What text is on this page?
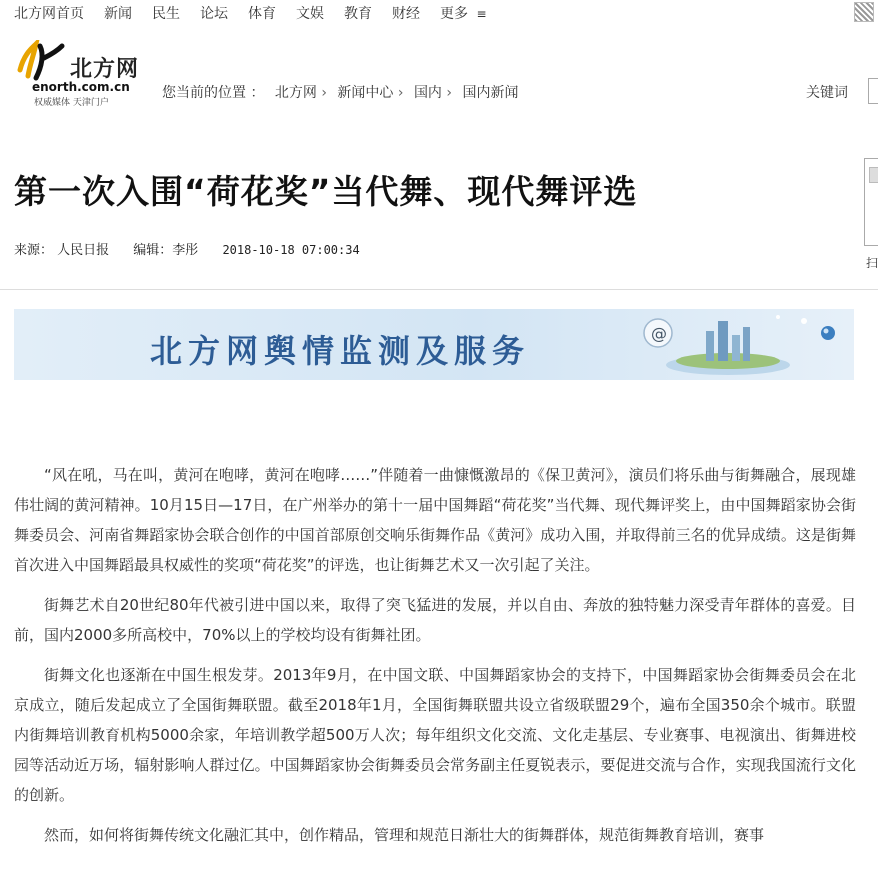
北方网首页 新闻 民生 论坛 体育 文娱 教育 财经 更多 ≡
北方网
enorth.com.cn
权威媒体 天津门户
您当前的位置 ： 北方网 › 新闻中心 › 国内 › 国内新闻	关键词
第一次入围“荷花奖”当代舞、现代舞评选
来源： 人民日报 编辑：李彤 2018-10-18 07:00:34
扫
北方网舆情监测及服务	@

“风在吼，马在叫，黄河在咆哮，黄河在咆哮……”伴随着一曲慷慨激昂的《保卫黄河》，演员们将乐曲与街舞融合，展现雄伟壮阔的黄河精神。10月15日—17日，在广州举办的第十一届中国舞蹈“荷花奖”当代舞、现代舞评奖上，由中国舞蹈家协会街舞委员会、河南省舞蹈家协会联合创作的中国首部原创交响乐街舞作品《黄河》成功入围，并取得前三名的优异成绩。这是街舞首次进入中国舞蹈最具权威性的奖项“荷花奖”的评选，也让街舞艺术又一次引起了关注。

街舞艺术自20世纪80年代被引进中国以来，取得了突飞猛进的发展，并以自由、奔放的独特魅力深受青年群体的喜爱。目前，国内2000多所高校中，70%以上的学校均设有街舞社团。

街舞文化也逐渐在中国生根发芽。2013年9月，在中国文联、中国舞蹈家协会的支持下，中国舞蹈家协会街舞委员会在北京成立，随后发起成立了全国街舞联盟。截至2018年1月，全国街舞联盟共设立省级联盟29个，遍布全国350余个城市。联盟内街舞培训教育机构5000余家，年培训教学超500万人次；每年组织文化交流、文化走基层、专业赛事、电视演出、街舞进校园等活动近万场，辐射影响人群过亿。中国舞蹈家协会街舞委员会常务副主任夏锐表示，要促进交流与合作，实现我国流行文化的创新。

然而，如何将街舞传统文化融汇其中，创作精品，管理和规范日渐壮大的街舞群体，规范街舞教育培训，赛事
